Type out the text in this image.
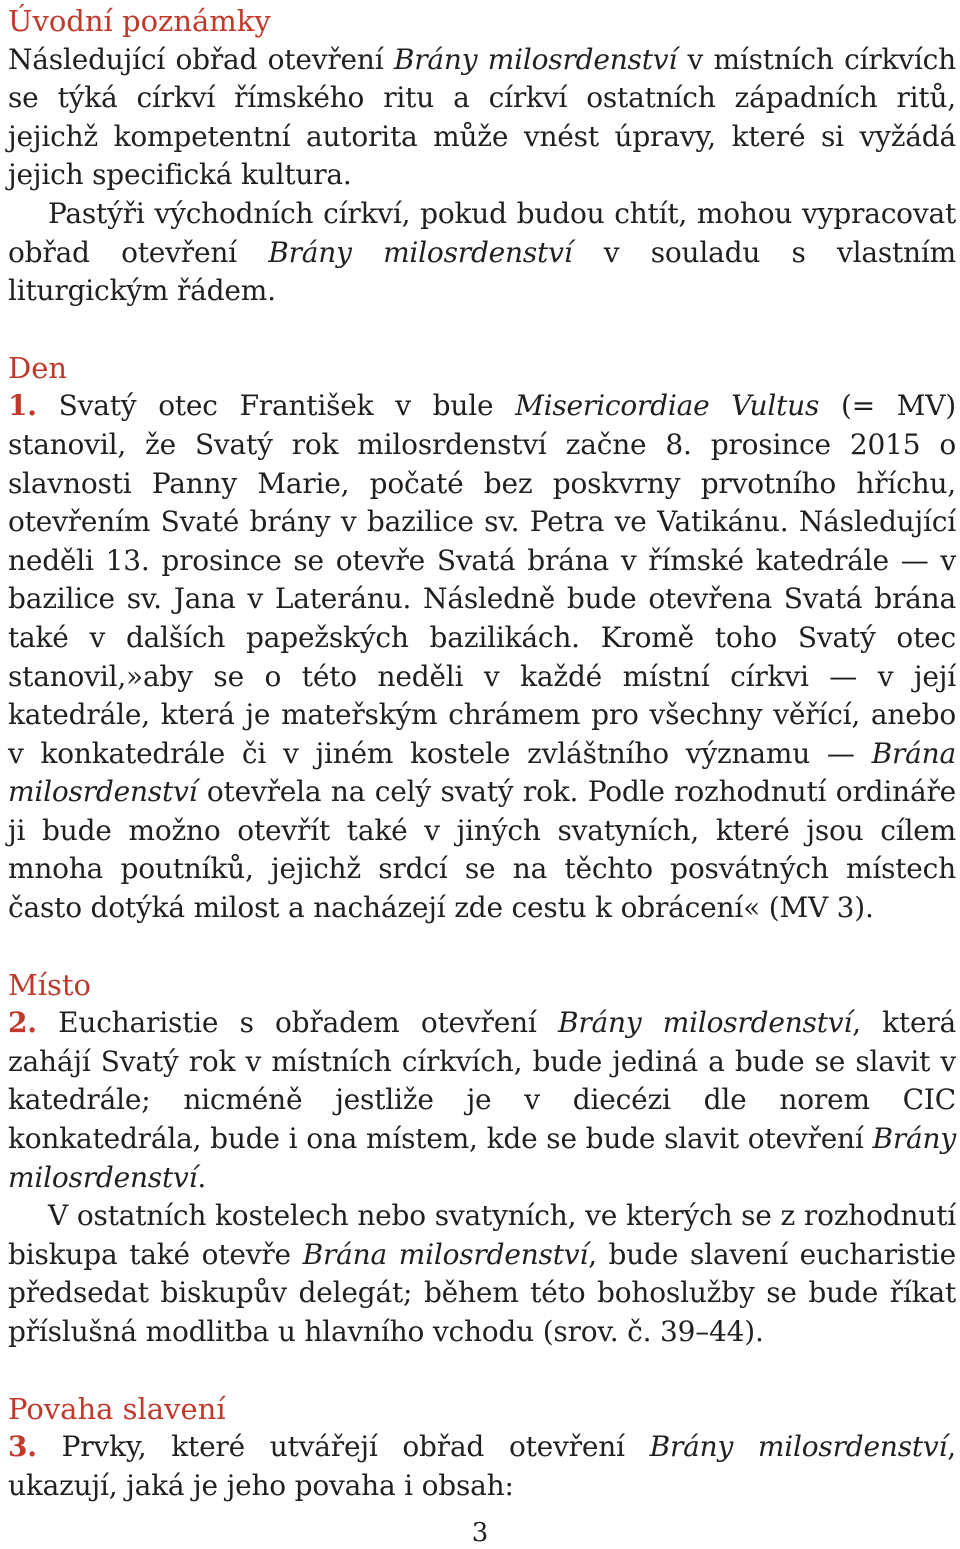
Úvodní poznámky

Následující obřad otevření Brány milosrdenství v místních církvích se týká církví římského ritu a církví ostatních západních ritů, jejichž kompetentní autorita může vnést úpravy, které si vyžádá jejich specifická kultura.

Pastýři východních církví, pokud budou chtít, mohou vypracovat obřad otevření Brány milosrdenství v souladu s vlastním liturgickým řádem.

Den

1. Svatý otec František v bule Misericordiae Vultus (= MV) stanovil, že Svatý rok milosrdenství začne 8. prosince 2015 o slavnosti Panny Marie, počaté bez poskvrny prvotního hříchu, otevřením Svaté brány v bazilice sv. Petra ve Vatikánu. Následující neděli 13. prosince se otevře Svatá brána v římské katedrále — v bazilice sv. Jana v Lateránu. Následně bude otevřena Svatá brána také v dalších papežských bazilikách. Kromě toho Svatý otec stanovil,»aby se o této neděli v každé místní církvi — v její katedrále, která je mateřským chrámem pro všechny věřící, anebo v konkatedrále či v jiném kostele zvláštního významu — Brána milosrdenství otevřela na celý svatý rok. Podle rozhodnutí ordináře ji bude možno otevřít také v jiných svatyních, které jsou cílem mnoha poutníků, jejichž srdcí se na těchto posvátných místech často dotýká milost a nacházejí zde cestu k obrácení« (MV 3).

Místo

2. Eucharistie s obřadem otevření Brány milosrdenství, která zahájí Svatý rok v místních církvích, bude jediná a bude se slavit v katedrále; nicméně jestliže je v diecézi dle norem CIC konkatedrála, bude i ona místem, kde se bude slavit otevření Brány milosrdenství.

V ostatních kostelech nebo svatyních, ve kterých se z rozhodnutí biskupa také otevře Brána milosrdenství, bude slavení eucharistie předsedat biskupův delegát; během této bohoslužby se bude říkat příslušná modlitba u hlavního vchodu (srov. č. 39–44).

Povaha slavení

3. Prvky, které utvářejí obřad otevření Brány milosrdenství, ukazují, jaká je jeho povaha i obsah:

3
